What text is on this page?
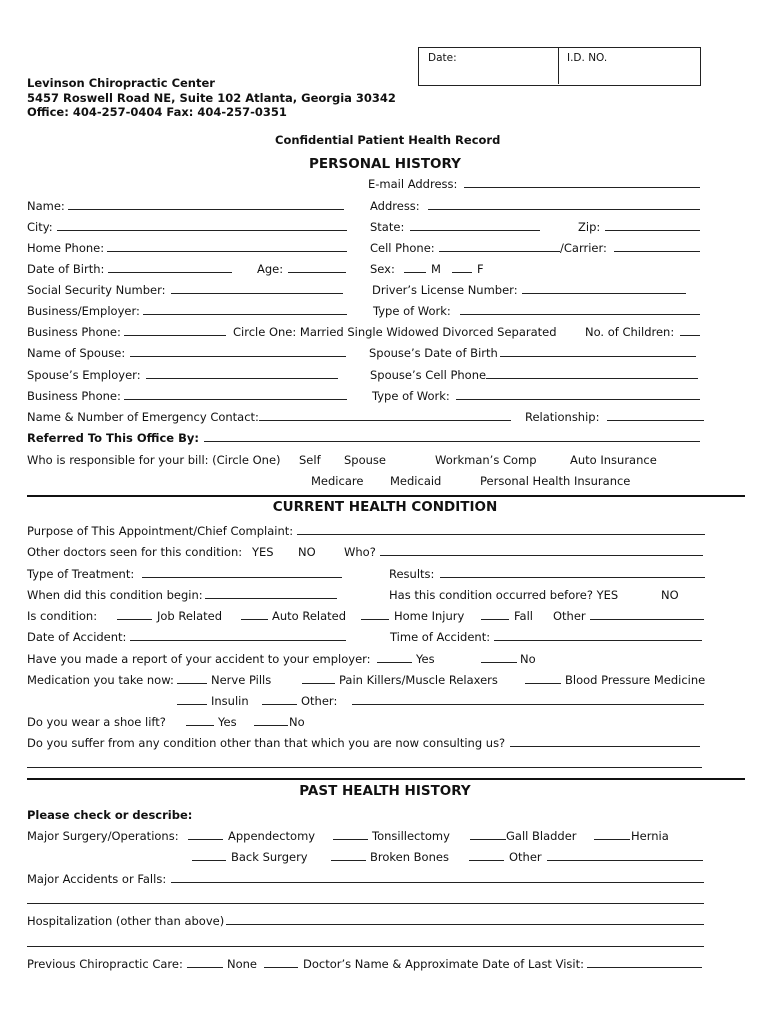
Date:	I.D. NO.
Levinson Chiropractic Center
5457 Roswell Road NE, Suite 102 Atlanta, Georgia 30342
Office: 404-257-0404 Fax: 404-257-0351
Confidential Patient Health Record
PERSONAL HISTORY
E-mail Address:
Name:	Address:
City:	State:	Zip:
Home Phone:	Cell Phone:	/Carrier:
Date of Birth:	Age:	Sex:	M	F
Social Security Number:	Driver’s License Number:
Business/Employer:	Type of Work:
Business Phone:	Circle One: Married Single Widowed Divorced Separated No. of Children:
Name of Spouse:	Spouse’s Date of Birth
Spouse’s Employer:	Spouse’s Cell Phone
Business Phone:	Type of Work:
Name & Number of Emergency Contact:	Relationship:
Referred To This Office By:
Who is responsible for your bill: (Circle One) Self Spouse	Workman’s Comp	Auto Insurance
Medicare Medicaid	Personal Health Insurance
CURRENT HEALTH CONDITION
Purpose of This Appointment/Chief Complaint:
Other doctors seen for this condition: YES NO Who?
Type of Treatment:	Results:
When did this condition begin:	Has this condition occurred before? YES	NO
Is condition:	Job Related	Auto Related	Home Injury	Fall Other
Date of Accident:	Time of Accident:
Have you made a report of your accident to your employer:	Yes	No
Medication you take now:	Nerve Pills	Pain Killers/Muscle Relaxers	Blood Pressure Medicine
Insulin	Other:
Do you wear a shoe lift?	Yes	No
Do you suffer from any condition other than that which you are now consulting us?
PAST HEALTH HISTORY
Please check or describe:
Major Surgery/Operations:	Appendectomy	Tonsillectomy	Gall Bladder	Hernia
Back Surgery	Broken Bones	Other
Major Accidents or Falls:
Hospitalization (other than above)
Previous Chiropractic Care:	None	Doctor’s Name & Approximate Date of Last Visit:
